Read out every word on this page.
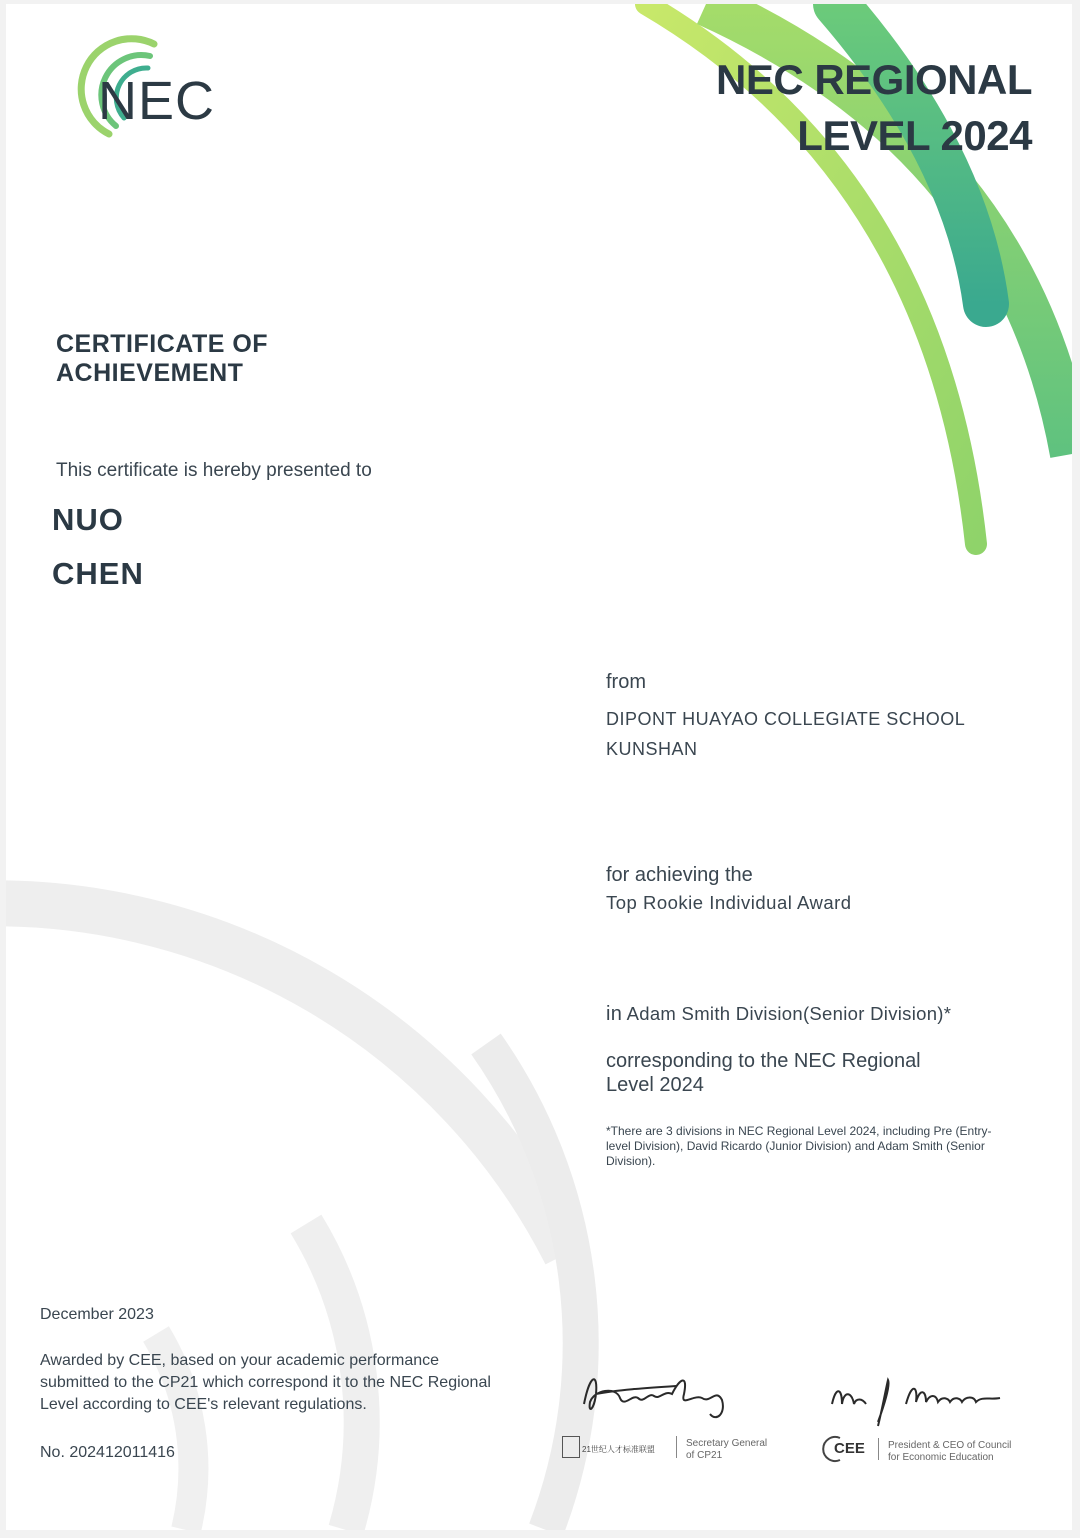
NEC	NEC REGIONAL
LEVEL 2024
CERTIFICATE OF
ACHIEVEMENT
This certificate is hereby presented to
NUO
CHEN
from
DIPONT HUAYAO COLLEGIATE SCHOOL
KUNSHAN
for achieving the
Top Rookie Individual Award
in Adam Smith Division(Senior Division)*
corresponding to the NEC Regional
Level 2024
*There are 3 divisions in NEC Regional Level 2024, including Pre (Entry-level Division), David Ricardo (Junior Division) and Adam Smith (Senior Division).
December 2023
Awarded by CEE, based on your academic performance submitted to the CP21 which correspond it to the NEC Regional Level according to CEE's relevant regulations.
No. 202412011416	21世纪人才标准联盟
Secretary General
of CP21	CEE President & CEO of Council
for Economic Education
